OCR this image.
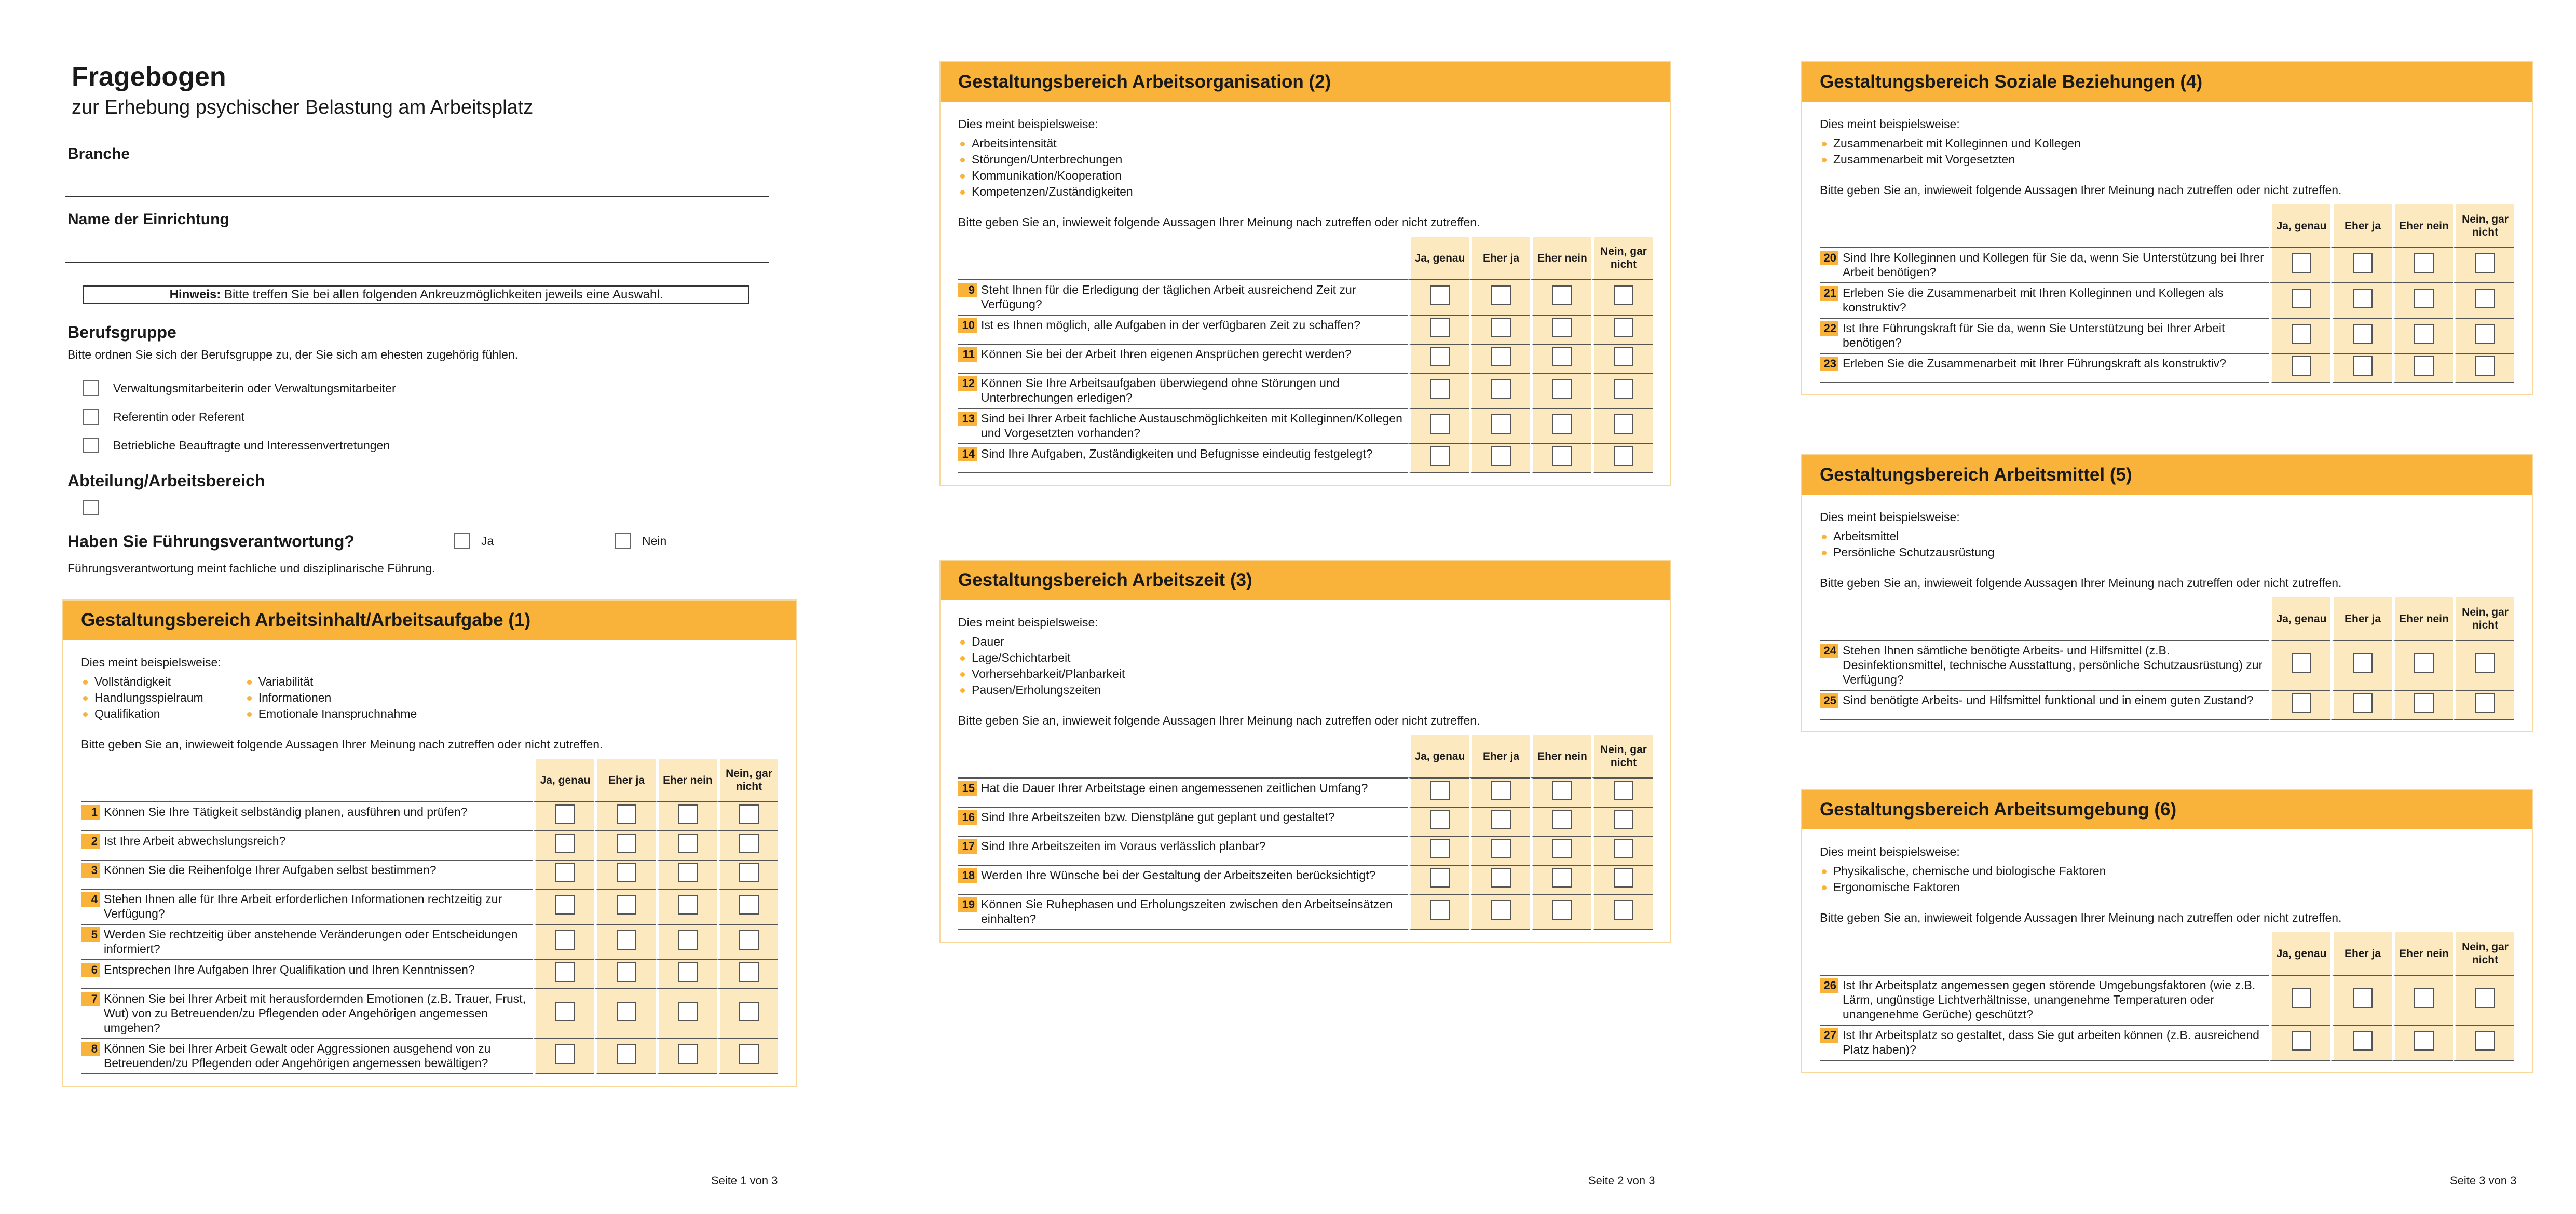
Fragebogen
zur Erhebung psychischer Belastung am Arbeitsplatz
Branche
Name der Einrichtung
Hinweis: Bitte treffen Sie bei allen folgenden Ankreuzmöglichkeiten jeweils eine Auswahl.
Berufsgruppe
Bitte ordnen Sie sich der Berufsgruppe zu, der Sie sich am ehesten zugehörig fühlen.
Verwaltungsmitarbeiterin oder Verwaltungsmitarbeiter
Referentin oder Referent
Betriebliche Beauftragte und Interessenvertretungen
Abteilung/Arbeitsbereich
Haben Sie Führungsverantwortung?	Ja	Nein
Führungsverantwortung meint fachliche und disziplinarische Führung.
Gestaltungsbereich Arbeitsinhalt/Arbeitsaufgabe (1)
Dies meint beispielsweise:
Vollständigkeit
Handlungsspielraum
Qualifikation
Variabilität
Informationen
Emotionale Inanspruchnahme
Bitte geben Sie an, inwieweit folgende Aussagen Ihrer Meinung nach zutreffen oder nicht zutreffen.
	Ja, genau	Eher ja	Eher nein	Nein, gar nicht

1 Können Sie Ihre Tätigkeit selbständig planen, ausführen und prüfen?				

2 Ist Ihre Arbeit abwechslungsreich?				

3 Können Sie die Reihenfolge Ihrer Aufgaben selbst bestimmen?				

4 Stehen Ihnen alle für Ihre Arbeit erforderlichen Informationen rechtzeitig zur Verfügung?				

5 Werden Sie rechtzeitig über anstehende Veränderungen oder Entscheidungen informiert?				

6 Entsprechen Ihre Aufgaben Ihrer Qualifikation und Ihren Kenntnissen?				

7 Können Sie bei Ihrer Arbeit mit herausfordernden Emotionen (z.B. Trauer, Frust, Wut) von zu Betreuenden/zu Pflegenden oder Angehörigen angemessen umgehen?				

8 Können Sie bei Ihrer Arbeit Gewalt oder Aggressionen ausgehend von zu Betreuenden/zu Pflegenden oder Angehörigen angemessen bewältigen?				

Seite 1 von 3
Gestaltungsbereich Arbeitsorganisation (2)
Dies meint beispielsweise:
Arbeitsintensität
Störungen/Unterbrechungen
Kommunikation/Kooperation
Kompetenzen/Zuständigkeiten
Bitte geben Sie an, inwieweit folgende Aussagen Ihrer Meinung nach zutreffen oder nicht zutreffen.
	Ja, genau	Eher ja	Eher nein	Nein, gar nicht

9 Steht Ihnen für die Erledigung der täglichen Arbeit ausreichend Zeit zur Verfügung?				

10 Ist es Ihnen möglich, alle Aufgaben in der verfügbaren Zeit zu schaffen?				

11 Können Sie bei der Arbeit Ihren eigenen Ansprüchen gerecht werden?				

12 Können Sie Ihre Arbeitsaufgaben überwiegend ohne Störungen und Unterbrechungen erledigen?				

13 Sind bei Ihrer Arbeit fachliche Austauschmöglichkeiten mit Kolleginnen/Kollegen und Vorgesetzten vorhanden?				

14 Sind Ihre Aufgaben, Zuständigkeiten und Befugnisse eindeutig festgelegt?				

Gestaltungsbereich Arbeitszeit (3)
Dies meint beispielsweise:
Dauer
Lage/Schichtarbeit
Vorhersehbarkeit/Planbarkeit
Pausen/Erholungszeiten
Bitte geben Sie an, inwieweit folgende Aussagen Ihrer Meinung nach zutreffen oder nicht zutreffen.
	Ja, genau	Eher ja	Eher nein	Nein, gar nicht

15 Hat die Dauer Ihrer Arbeitstage einen angemessenen zeitlichen Umfang?				

16 Sind Ihre Arbeitszeiten bzw. Dienstpläne gut geplant und gestaltet?				

17 Sind Ihre Arbeitszeiten im Voraus verlässlich planbar?				

18 Werden Ihre Wünsche bei der Gestaltung der Arbeitszeiten berücksichtigt?				

19 Können Sie Ruhephasen und Erholungszeiten zwischen den Arbeitseinsätzen einhalten?				

Seite 2 von 3
Gestaltungsbereich Soziale Beziehungen (4)
Dies meint beispielsweise:
Zusammenarbeit mit Kolleginnen und Kollegen
Zusammenarbeit mit Vorgesetzten
Bitte geben Sie an, inwieweit folgende Aussagen Ihrer Meinung nach zutreffen oder nicht zutreffen.
	Ja, genau	Eher ja	Eher nein	Nein, gar nicht

20 Sind Ihre Kolleginnen und Kollegen für Sie da, wenn Sie Unterstützung bei Ihrer Arbeit benötigen?				

21 Erleben Sie die Zusammenarbeit mit Ihren Kolleginnen und Kollegen als konstruktiv?				

22 Ist Ihre Führungskraft für Sie da, wenn Sie Unterstützung bei Ihrer Arbeit benötigen?				

23 Erleben Sie die Zusammenarbeit mit Ihrer Führungskraft als konstruktiv?				

Gestaltungsbereich Arbeitsmittel (5)
Dies meint beispielsweise:
Arbeitsmittel
Persönliche Schutzausrüstung
Bitte geben Sie an, inwieweit folgende Aussagen Ihrer Meinung nach zutreffen oder nicht zutreffen.
	Ja, genau	Eher ja	Eher nein	Nein, gar nicht

24 Stehen Ihnen sämtliche benötigte Arbeits- und Hilfsmittel (z.B. Desinfektionsmittel, technische Ausstattung, persönliche Schutzausrüstung) zur Verfügung?				

25 Sind benötigte Arbeits- und Hilfsmittel funktional und in einem guten Zustand?				

Gestaltungsbereich Arbeitsumgebung (6)
Dies meint beispielsweise:
Physikalische, chemische und biologische Faktoren
Ergonomische Faktoren
Bitte geben Sie an, inwieweit folgende Aussagen Ihrer Meinung nach zutreffen oder nicht zutreffen.
	Ja, genau	Eher ja	Eher nein	Nein, gar nicht

26 Ist Ihr Arbeitsplatz angemessen gegen störende Umgebungsfaktoren (wie z.B. Lärm, ungünstige Lichtverhältnisse, unangenehme Temperaturen oder unangenehme Gerüche) geschützt?				

27 Ist Ihr Arbeitsplatz so gestaltet, dass Sie gut arbeiten können (z.B. ausreichend Platz haben)?				

Seite 3 von 3
